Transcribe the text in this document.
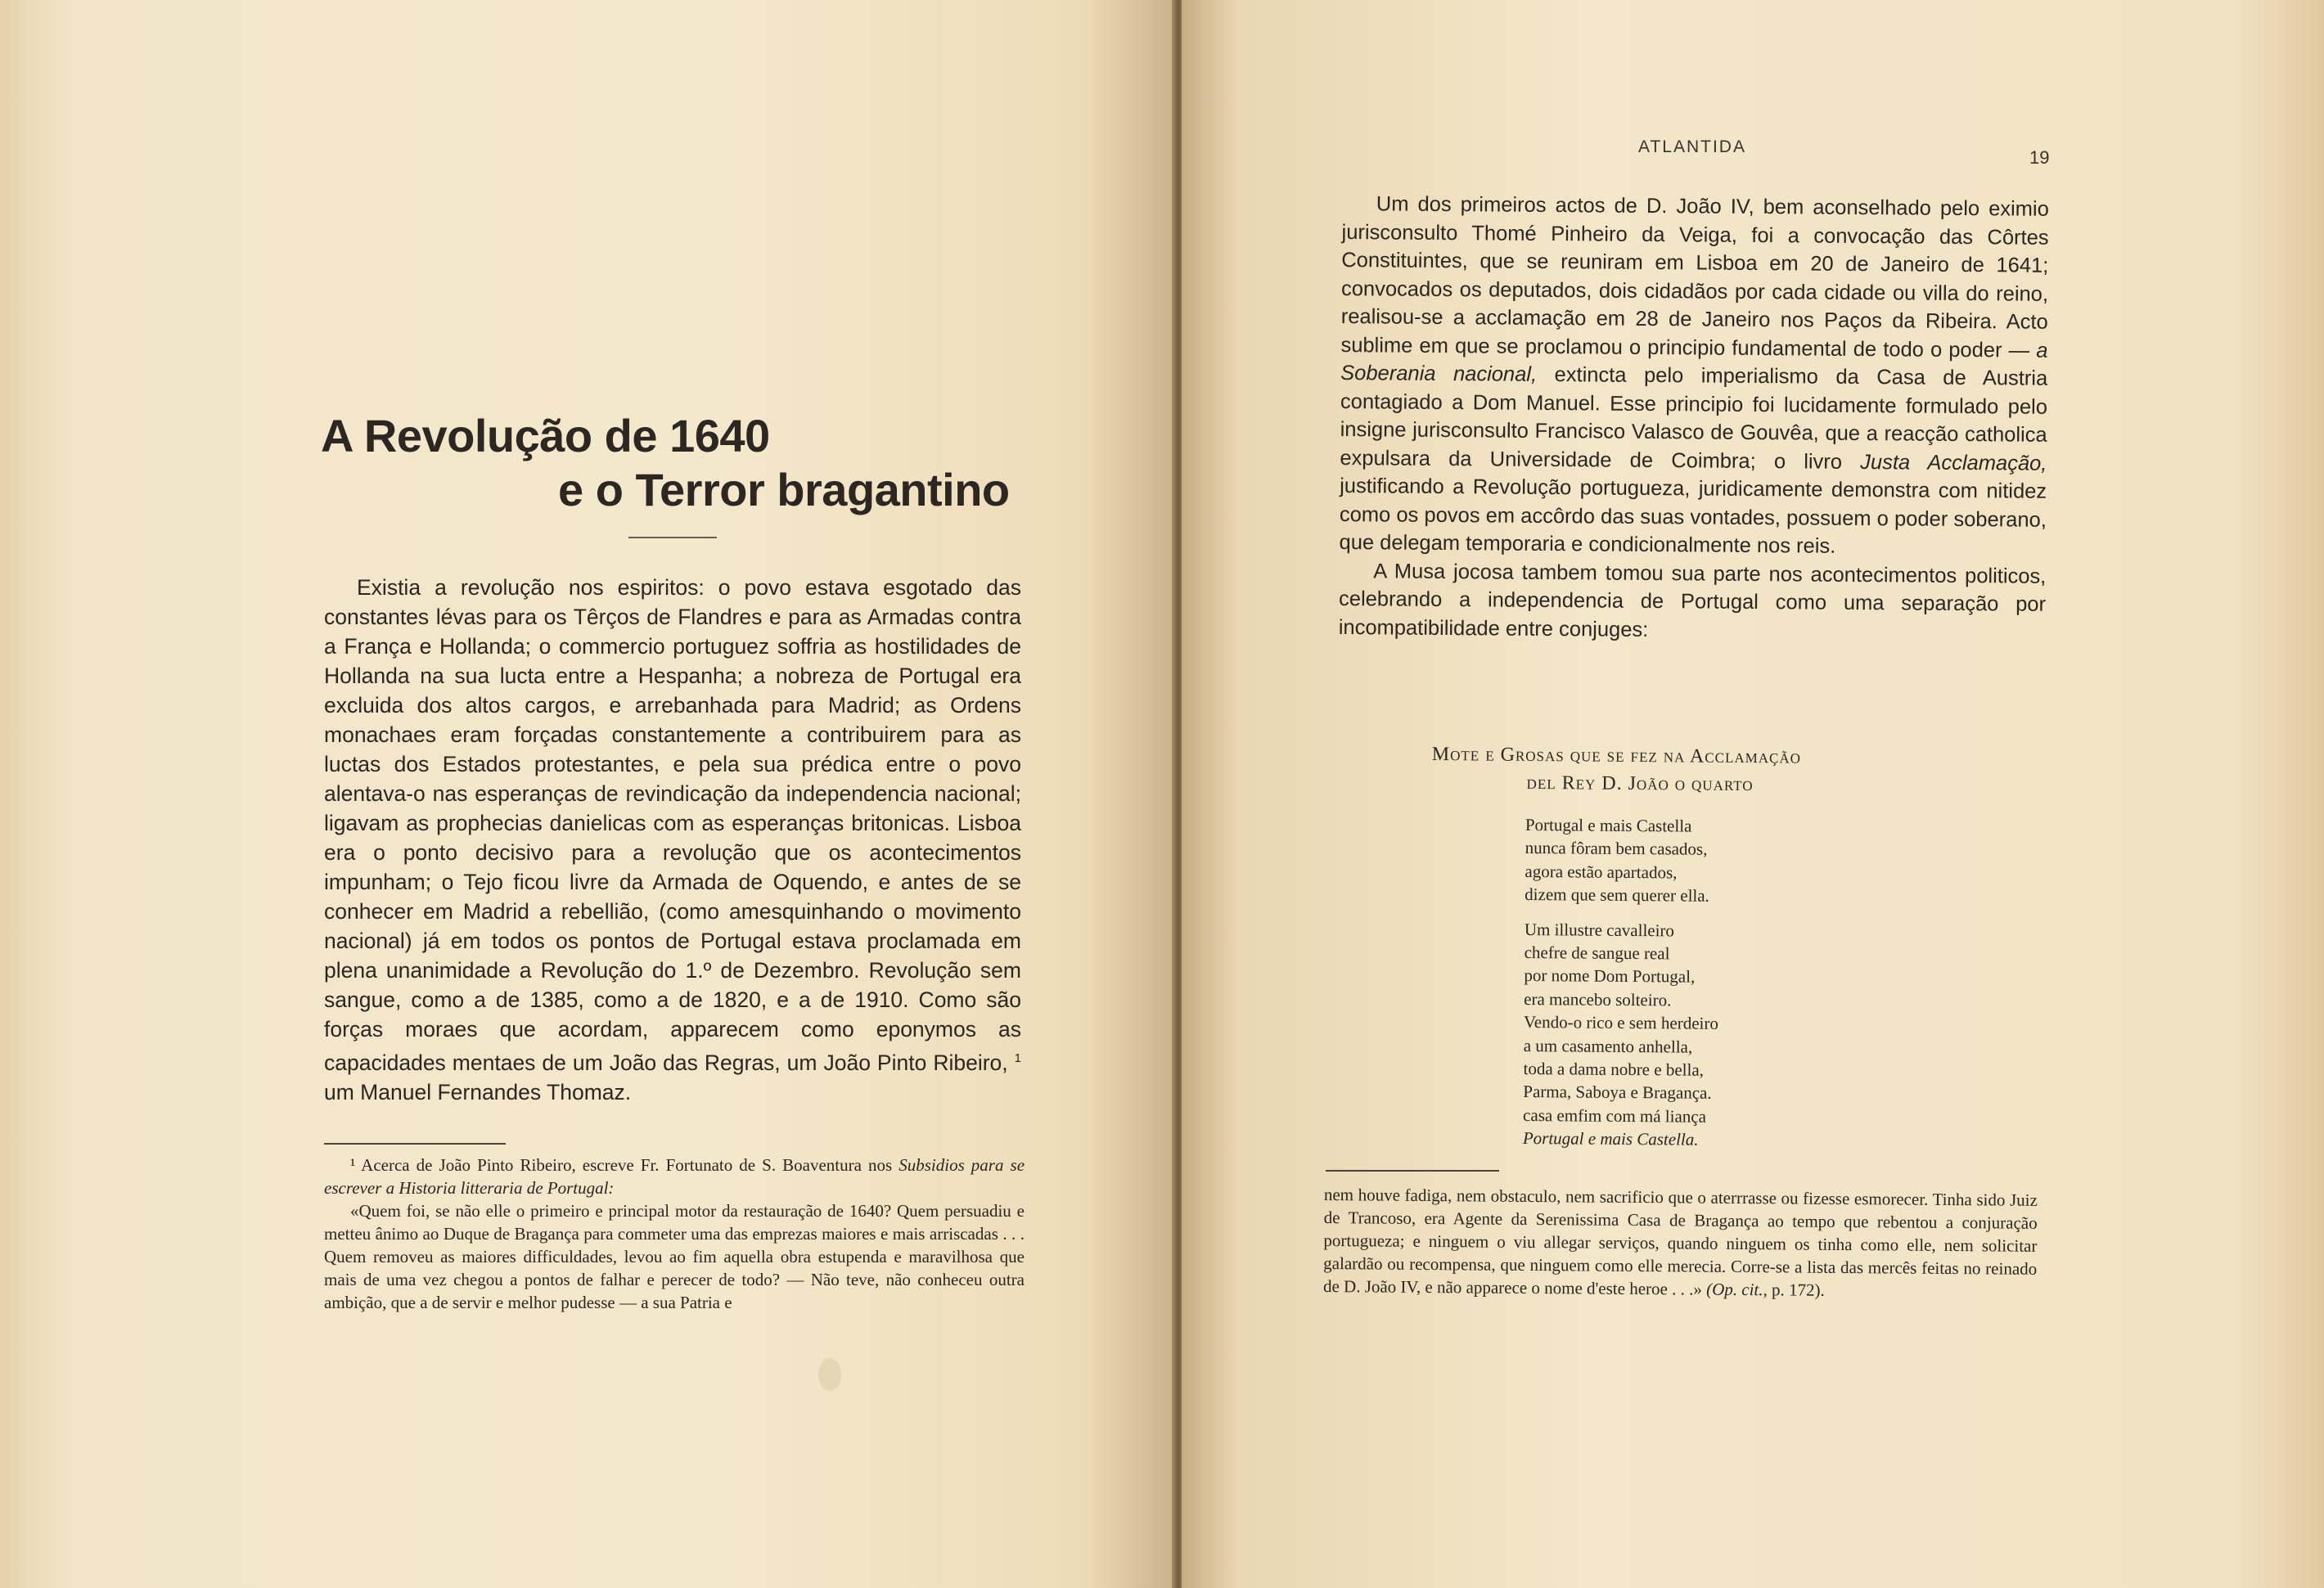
A Revolução de 1640
e o Terror bragantino

Existia a revolução nos espiritos: o povo estava esgotado das constantes lévas para os Têrços de Flandres e para as Armadas contra a França e Hollanda; o commercio portuguez soffria as hostilidades de Hollanda na sua lucta entre a Hespanha; a nobreza de Portugal era excluida dos altos cargos, e arrebanhada para Madrid; as Ordens monachaes eram forçadas constantemente a contribuirem para as luctas dos Estados protestantes, e pela sua prédica entre o povo alentava-o nas esperanças de revindicação da independencia nacional; ligavam as prophecias danielicas com as esperanças britonicas. Lisboa era o ponto decisivo para a revolução que os acontecimentos impunham; o Tejo ficou livre da Armada de Oquendo, e antes de se conhecer em Madrid a rebellião, (como amesquinhando o movimento nacional) já em todos os pontos de Portugal estava proclamada em plena unanimidade a Revolução do 1.º de Dezembro. Revolução sem sangue, como a de 1385, como a de 1820, e a de 1910. Como são forças moraes que acordam, apparecem como eponymos as capacidades mentaes de um João das Regras, um João Pinto Ribeiro, $^1$ um Manuel Fernandes Thomaz.

¹ Acerca de João Pinto Ribeiro, escreve Fr. Fortunato de S. Boaventura nos Subsidios para se escrever a Historia litteraria de Portugal:

«Quem foi, se não elle o primeiro e principal motor da restauração de 1640? Quem persuadiu e metteu ânimo ao Duque de Bragança para commeter uma das emprezas maiores e mais arriscadas . . . Quem removeu as maiores difficuldades, levou ao fim aquella obra estupenda e maravilhosa que mais de uma vez chegou a pontos de falhar e perecer de todo? — Não teve, não conheceu outra ambição, que a de servir e melhor pudesse — a sua Patria e

ATLANTIDA
19

Um dos primeiros actos de D. João IV, bem aconselhado pelo eximio jurisconsulto Thomé Pinheiro da Veiga, foi a convocação das Côrtes Constituintes, que se reuniram em Lisboa em 20 de Janeiro de 1641; convocados os deputados, dois cidadãos por cada cidade ou villa do reino, realisou-se a acclamação em 28 de Janeiro nos Paços da Ribeira. Acto sublime em que se proclamou o principio fundamental de todo o poder — a Soberania nacional, extincta pelo imperialismo da Casa de Austria contagiado a Dom Manuel. Esse principio foi lucidamente formulado pelo insigne jurisconsulto Francisco Valasco de Gouvêa, que a reacção catholica expulsara da Universidade de Coimbra; o livro Justa Acclamação, justificando a Revolução portugueza, juridicamente demonstra com nitidez como os povos em accôrdo das suas vontades, possuem o poder soberano, que delegam temporaria e condicionalmente nos reis.

A Musa jocosa tambem tomou sua parte nos acontecimentos politicos, celebrando a independencia de Portugal como uma separação por incompatibilidade entre conjuges:

Mote e Grosas que se fez na Acclamação
del Rey D. João o quarto
Portugal e mais Castella
nunca fôram bem casados,
agora estão apartados,
dizem que sem querer ella.
Um illustre cavalleiro
chefre de sangue real
por nome Dom Portugal,
era mancebo solteiro.
Vendo-o rico e sem herdeiro
a um casamento anhella,
toda a dama nobre e bella,
Parma, Saboya e Bragança.
casa emfim com má liança
Portugal e mais Castella.
nem houve fadiga, nem obstaculo, nem sacrificio que o aterrrasse ou fizesse esmorecer. Tinha sido Juiz de Trancoso, era Agente da Serenissima Casa de Bragança ao tempo que rebentou a conjuração portugueza; e ninguem o viu allegar serviços, quando ninguem os tinha como elle, nem solicitar galardão ou recompensa, que ninguem como elle merecia. Corre-se a lista das mercês feitas no reinado de D. João IV, e não apparece o nome d'este heroe . . .» (Op. cit., p. 172).
